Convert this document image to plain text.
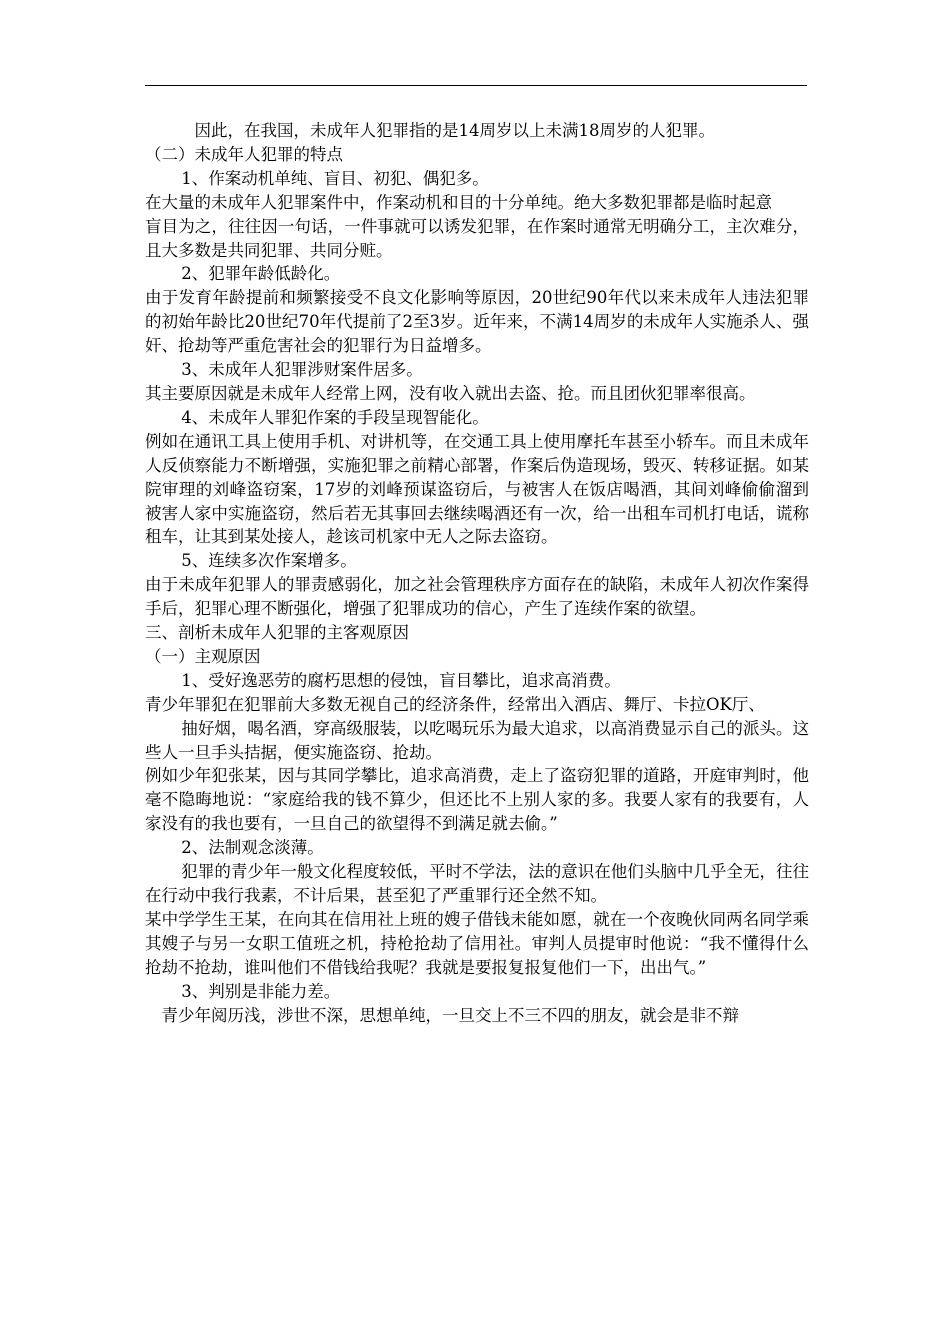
因此，在我国，未成年人犯罪指的是14周岁以上未满18周岁的人犯罪。

（二）未成年人犯罪的特点

1、作案动机单纯、盲目、初犯、偶犯多。

在大量的未成年人犯罪案件中，作案动机和目的十分单纯。绝大多数犯罪都是临时起意

盲目为之，往往因一句话，一件事就可以诱发犯罪，在作案时通常无明确分工，主次难分，且大多数是共同犯罪、共同分赃。

2、犯罪年龄低龄化。

由于发育年龄提前和频繁接受不良文化影响等原因，20世纪90年代以来未成年人违法犯罪的初始年龄比20世纪70年代提前了2至3岁。近年来，不满14周岁的未成年人实施杀人、强奸、抢劫等严重危害社会的犯罪行为日益增多。

3、未成年人犯罪涉财案件居多。

其主要原因就是未成年人经常上网，没有收入就出去盗、抢。而且团伙犯罪率很高。

4、未成年人罪犯作案的手段呈现智能化。

例如在通讯工具上使用手机、对讲机等，在交通工具上使用摩托车甚至小轿车。而且未成年人反侦察能力不断增强，实施犯罪之前精心部署，作案后伪造现场，毁灭、转移证据。如某院审理的刘峰盗窃案，17岁的刘峰预谋盗窃后，与被害人在饭店喝酒，其间刘峰偷偷溜到被害人家中实施盗窃，然后若无其事回去继续喝酒还有一次，给一出租车司机打电话，谎称租车，让其到某处接人，趁该司机家中无人之际去盗窃。

5、连续多次作案增多。

由于未成年犯罪人的罪责感弱化，加之社会管理秩序方面存在的缺陷，未成年人初次作案得手后，犯罪心理不断强化，增强了犯罪成功的信心，产生了连续作案的欲望。

三、剖析未成年人犯罪的主客观原因

（一）主观原因

1、受好逸恶劳的腐朽思想的侵蚀，盲目攀比，追求高消费。

青少年罪犯在犯罪前大多数无视自己的经济条件，经常出入酒店、舞厅、卡拉OK厅、

抽好烟，喝名酒，穿高级服装，以吃喝玩乐为最大追求，以高消费显示自己的派头。这些人一旦手头拮据，便实施盗窃、抢劫。

例如少年犯张某，因与其同学攀比，追求高消费，走上了盗窃犯罪的道路，开庭审判时，他毫不隐晦地说：“家庭给我的钱不算少，但还比不上别人家的多。我要人家有的我要有，人家没有的我也要有，一旦自己的欲望得不到满足就去偷。”

2、法制观念淡薄。

犯罪的青少年一般文化程度较低，平时不学法，法的意识在他们头脑中几乎全无，往往在行动中我行我素，不计后果，甚至犯了严重罪行还全然不知。

某中学学生王某，在向其在信用社上班的嫂子借钱未能如愿，就在一个夜晚伙同两名同学乘其嫂子与另一女职工值班之机，持枪抢劫了信用社。审判人员提审时他说：“我不懂得什么抢劫不抢劫，谁叫他们不借钱给我呢？我就是要报复报复他们一下，出出气。”

3、判别是非能力差。

青少年阅历浅，涉世不深，思想单纯，一旦交上不三不四的朋友，就会是非不辩
